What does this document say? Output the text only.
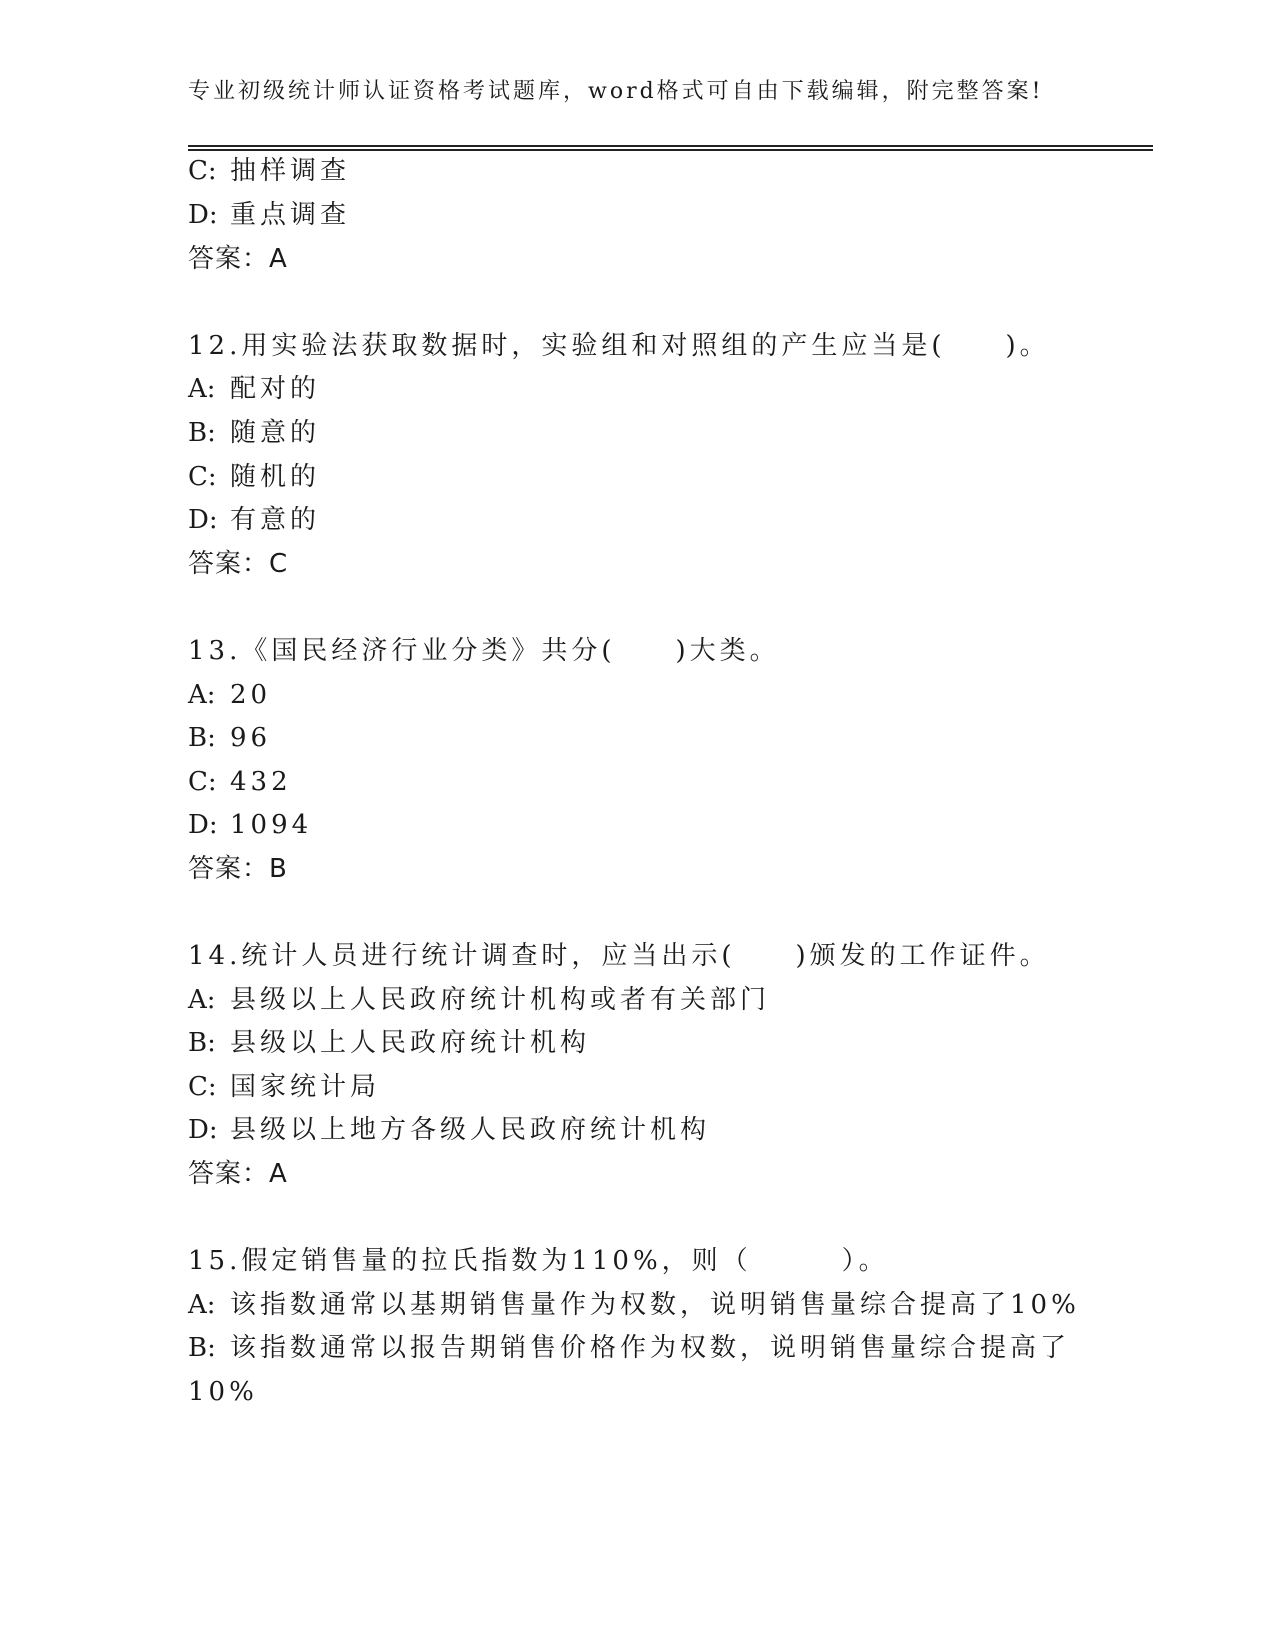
专业初级统计师认证资格考试题库，word格式可自由下载编辑，附完整答案!
C: 抽样调查
D: 重点调查
答案：A
12.用实验法获取数据时，实验组和对照组的产生应当是(　　)。
A: 配对的
B: 随意的
C: 随机的
D: 有意的
答案：C
13.《国民经济行业分类》共分(　　)大类。
A: 20
B: 96
C: 432
D: 1094
答案：B
14.统计人员进行统计调查时，应当出示(　　)颁发的工作证件。
A: 县级以上人民政府统计机构或者有关部门
B: 县级以上人民政府统计机构
C: 国家统计局
D: 县级以上地方各级人民政府统计机构
答案：A
15.假定销售量的拉氏指数为110%，则（　　　）。
A: 该指数通常以基期销售量作为权数，说明销售量综合提高了10%
B: 该指数通常以报告期销售价格作为权数，说明销售量综合提高了
10%
